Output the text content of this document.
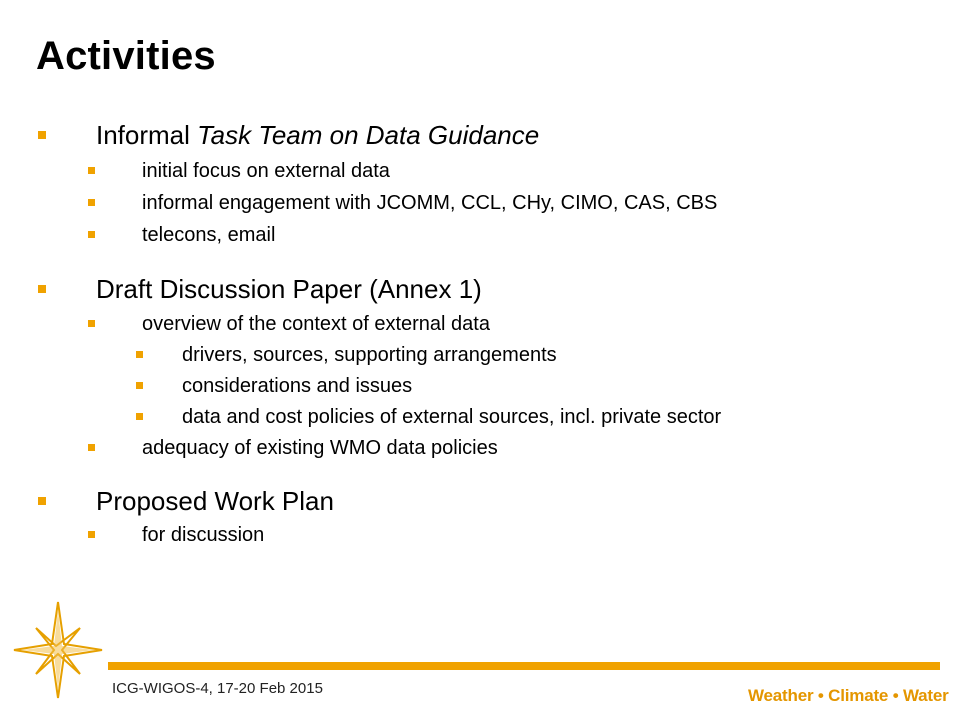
Activities
Informal Task Team on Data Guidance
initial focus on external data
informal engagement with JCOMM, CCL, CHy, CIMO, CAS, CBS
telecons, email
Draft Discussion Paper (Annex 1)
overview of the context of external data
drivers, sources, supporting arrangements
considerations and issues
data and cost policies of external sources, incl. private sector
adequacy of existing WMO data policies
Proposed Work Plan
for discussion
ICG-WIGOS-4, 17-20 Feb 2015	Weather • Climate • Water
